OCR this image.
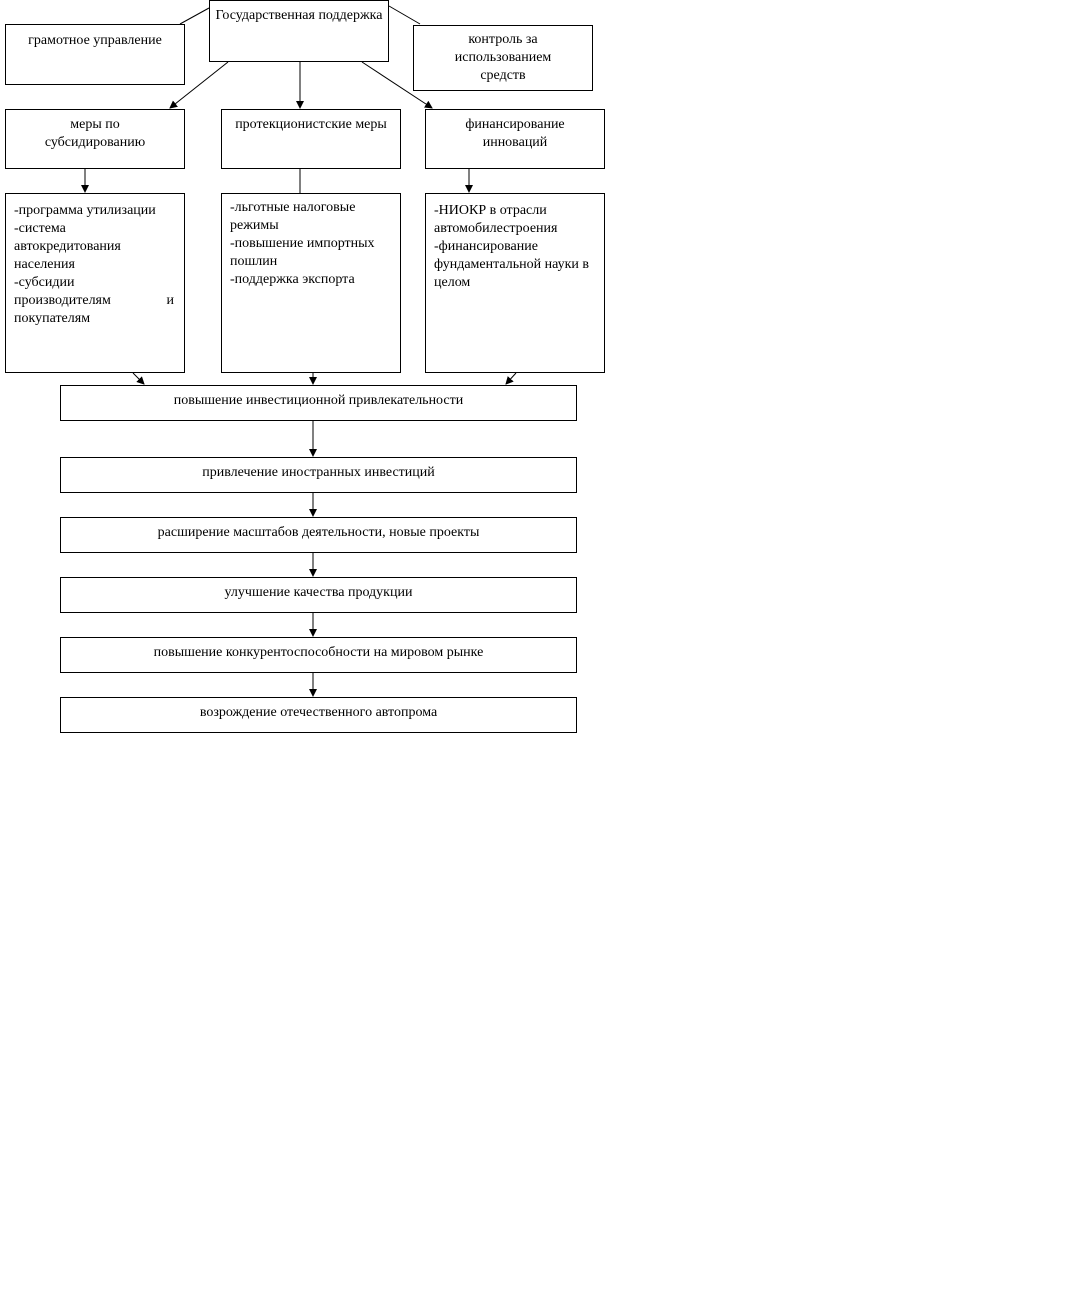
Государственная поддержка
грамотное управление	контроль за использованием средств
меры по субсидированию
протекционистские меры	финансирование инноваций
-программа утилизации
-система автокредитования населения
-субсидии производителям и
покупателям
-льготные налоговые режимы
-повышение импортных пошлин
-поддержка экспорта
-НИОКР в отрасли автомобилестроения
-финансирование фундаментальной науки в целом
повышение инвестиционной привлекательности
привлечение иностранных инвестиций
расширение масштабов деятельности, новые проекты
улучшение качества продукции
повышение конкурентоспособности на мировом рынке
возрождение отечественного автопрома
